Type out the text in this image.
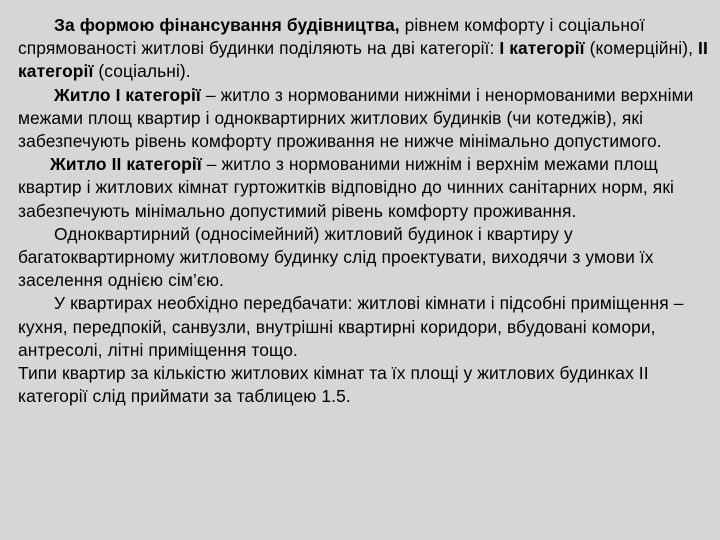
За формою фінансування будівництва, рівнем комфорту і соціальної спрямованості житлові будинки поділяють на дві категорії: І категорії (комерційні), ІІ категорії (соціальні).

Житло І категорії – житло з нормованими нижніми і ненормованими верхніми межами площ квартир і одноквартирних житлових будинків (чи котеджів), які забезпечують рівень комфорту проживання не нижче мінімально допустимого.

Житло ІІ категорії – житло з нормованими нижнім і верхнім межами площ квартир і житлових кімнат гуртожитків відповідно до чинних санітарних норм, які забезпечують мінімально допустимий рівень комфорту проживання.

Одноквартирний (односімейний) житловий будинок і квартиру у багатоквартирному житловому будинку слід проектувати, виходячи з умови їх заселення однією сім’єю.

У квартирах необхідно передбачати: житлові кімнати і підсобні приміщення – кухня, передпокій, санвузли, внутрішні квартирні коридори, вбудовані комори, антресолі, літні приміщення тощо.

Типи квартир за кількістю житлових кімнат та їх площі у житлових будинках ІІ категорії слід приймати за таблицею 1.5.
